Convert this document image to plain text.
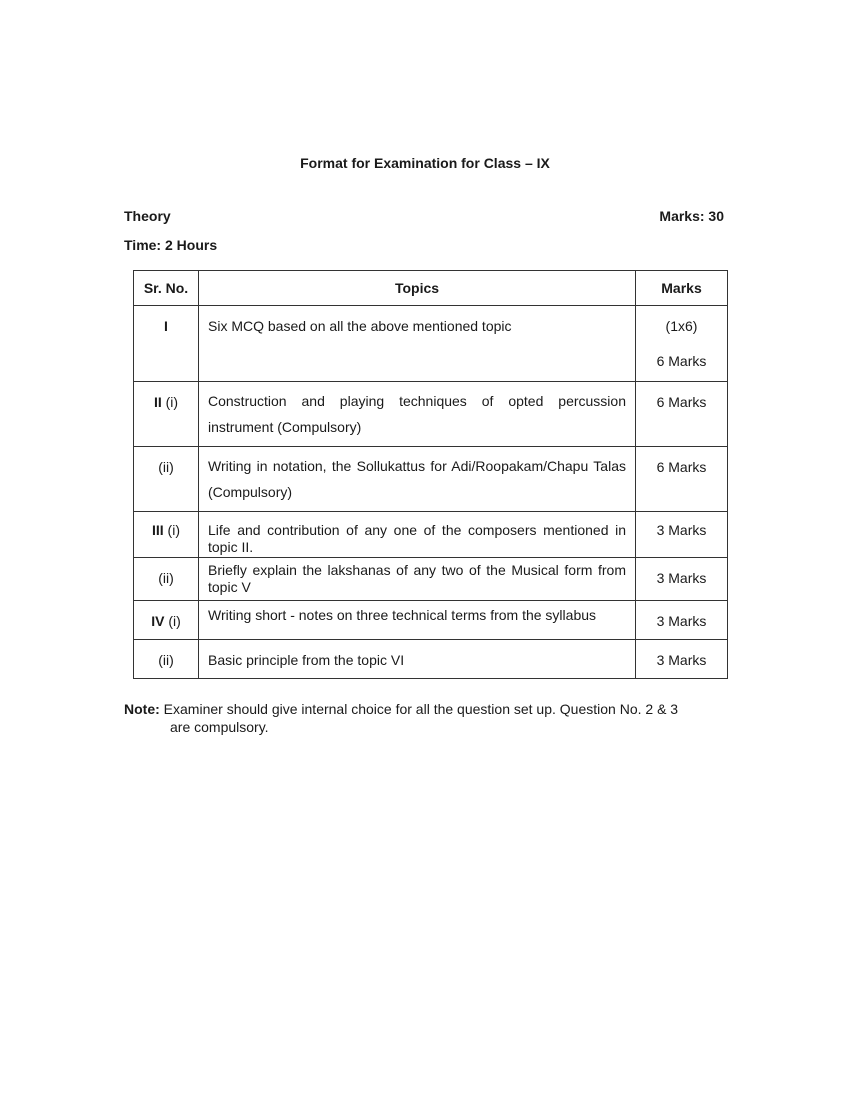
Format for Examination for Class – IX
Theory	Marks: 30
Time: 2 Hours
Sr. No.	Topics	Marks

I	Six MCQ based on all the above mentioned topic	(1x6)
6 Marks

II (i)	Construction and playing techniques of opted percussion instrument (Compulsory)	6 Marks

(ii)	Writing in notation, the Sollukattus for Adi/Roopakam/Chapu Talas (Compulsory)	6 Marks

III (i)	Life and contribution of any one of the composers mentioned in topic II.	3 Marks

(ii)	Briefly explain the lakshanas of any two of the Musical form from topic V	3 Marks

IV (i)	Writing short - notes on three technical terms from the syllabus	3 Marks

(ii)	Basic principle from the topic VI	3 Marks
Note: Examiner should give internal choice for all the question set up. Question No. 2 & 3
are compulsory.
